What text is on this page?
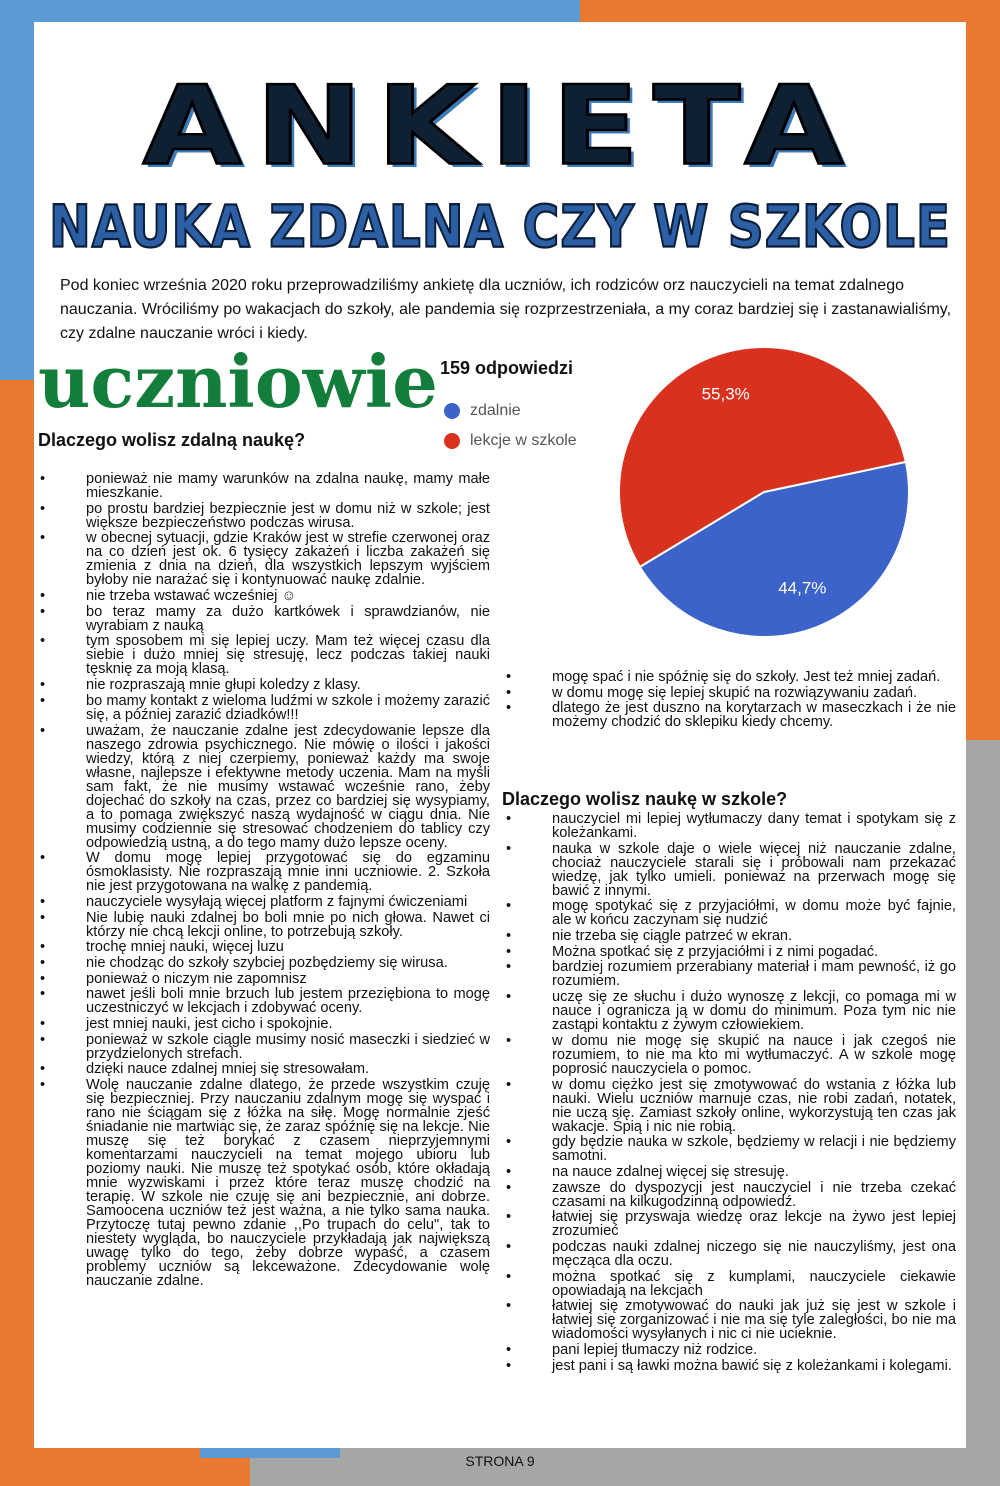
ANKIETA
NAUKA ZDALNA CZY W SZKOLE
Pod koniec września 2020 roku przeprowadziliśmy ankietę dla uczniów, ich rodziców orz nauczycieli na temat zdalnego nauczania. Wróciliśmy po wakacjach do szkoły, ale pandemia się rozprzestrzeniała, a my coraz bardziej się i zastanawialiśmy, czy zdalne nauczanie wróci i kiedy.
uczniowie 159 odpowiedzi
zdalnie
lekcje w szkole
44,7%
55,3%
Dlaczego wolisz zdalną naukę?
• ponieważ nie mamy warunków na zdalna naukę, mamy małe mieszkanie.
• po prostu bardziej bezpiecznie jest w domu niż w szkole; jest większe bezpieczeństwo podczas wirusa.
• w obecnej sytuacji, gdzie Kraków jest w strefie czerwonej oraz na co dzień jest ok. 6 tysięcy zakażeń i liczba zakażeń się zmienia z dnia na dzień, dla wszystkich lepszym wyjściem byłoby nie narażać się i kontynuować naukę zdalnie.
• nie trzeba wstawać wcześniej ☺
• bo teraz mamy za dużo kartkówek i sprawdzianów, nie wyrabiam z nauką
• tym sposobem mi się lepiej uczy. Mam też więcej czasu dla siebie i dużo mniej się stresuję, lecz podczas takiej nauki tęsknię za moją klasą.
• nie rozpraszają mnie głupi koledzy z klasy.
• bo mamy kontakt z wieloma ludźmi w szkole i możemy zarazić się, a później zarazić dziadków!!!
• uważam, że nauczanie zdalne jest zdecydowanie lepsze dla naszego zdrowia psychicznego. Nie mówię o ilości i jakości wiedzy, którą z niej czerpiemy, ponieważ każdy ma swoje własne, najlepsze i efektywne metody uczenia. Mam na myśli sam fakt, że nie musimy wstawać wcześnie rano, żeby dojechać do szkoły na czas, przez co bardziej się wysypiamy, a to pomaga zwiększyć naszą wydajność w ciągu dnia. Nie musimy codziennie się stresować chodzeniem do tablicy czy odpowiedzią ustną, a do tego mamy dużo lepsze oceny.
• W domu mogę lepiej przygotować się do egzaminu ósmoklasisty. Nie rozpraszają mnie inni uczniowie. 2. Szkoła nie jest przygotowana na walkę z pandemią.
• nauczyciele wysyłają więcej platform z fajnymi ćwiczeniami
• Nie lubię nauki zdalnej bo boli mnie po nich głowa. Nawet ci którzy nie chcą lekcji online, to potrzebują szkoły.
• trochę mniej nauki, więcej luzu
• nie chodząc do szkoły szybciej pozbędziemy się wirusa.
• ponieważ o niczym nie zapomnisz
• nawet jeśli boli mnie brzuch lub jestem przeziębiona to mogę uczestniczyć w lekcjach i zdobywać oceny.
• jest mniej nauki, jest cicho i spokojnie.
• ponieważ w szkole ciągle musimy nosić maseczki i siedzieć w przydzielonych strefach.
• dzięki nauce zdalnej mniej się stresowałam.
• Wolę nauczanie zdalne dlatego, że przede wszystkim czuję się bezpieczniej. Przy nauczaniu zdalnym mogę się wyspać i rano nie ściągam się z łóżka na siłę. Mogę normalnie zjeść śniadanie nie martwiąc się, że zaraz spóźnię się na lekcje. Nie muszę się też borykać z czasem nieprzyjemnymi komentarzami nauczycieli na temat mojego ubioru lub poziomy nauki. Nie muszę też spotykać osób, które okładają mnie wyzwiskami i przez które teraz muszę chodzić na terapię. W szkole nie czuję się ani bezpiecznie, ani dobrze. Samoocena uczniów też jest ważna, a nie tylko sama nauka. Przytoczę tutaj pewno zdanie ,,Po trupach do celu", tak to niestety wygląda, bo nauczyciele przykładają jak największą uwagę tylko do tego, żeby dobrze wypaść, a czasem problemy uczniów są lekceważone. Zdecydowanie wolę nauczanie zdalne.
• mogę spać i nie spóźnię się do szkoły. Jest też mniej zadań.
• w domu mogę się lepiej skupić na rozwiązywaniu zadań.
• dlatego że jest duszno na korytarzach w maseczkach i że nie możemy chodzić do sklepiku kiedy chcemy.
Dlaczego wolisz naukę w szkole?
• nauczyciel mi lepiej wytłumaczy dany temat i spotykam się z koleżankami.
• nauka w szkole daje o wiele więcej niż nauczanie zdalne, chociaż nauczyciele starali się i próbowali nam przekazać wiedzę, jak tylko umieli. ponieważ na przerwach mogę się bawić z innymi.
• mogę spotykać się z przyjaciółmi, w domu może być fajnie, ale w końcu zaczynam się nudzić
• nie trzeba się ciągle patrzeć w ekran.
• Można spotkać się z przyjaciółmi i z nimi pogadać.
• bardziej rozumiem przerabiany materiał i mam pewność, iż go rozumiem.
• uczę się ze słuchu i dużo wynoszę z lekcji, co pomaga mi w nauce i ogranicza ją w domu do minimum. Poza tym nic nie zastąpi kontaktu z żywym człowiekiem.
• w domu nie mogę się skupić na nauce i jak czegoś nie rozumiem, to nie ma kto mi wytłumaczyć. A w szkole mogę poprosić nauczyciela o pomoc.
• w domu ciężko jest się zmotywować do wstania z łóżka lub nauki. Wielu uczniów marnuje czas, nie robi zadań, notatek, nie uczą się. Zamiast szkoły online, wykorzystują ten czas jak wakacje. Śpią i nic nie robią.
• gdy będzie nauka w szkole, będziemy w relacji i nie będziemy samotni.
• na nauce zdalnej więcej się stresuję.
• zawsze do dyspozycji jest nauczyciel i nie trzeba czekać czasami na kilkugodzinną odpowiedź.
• łatwiej się przyswaja wiedzę oraz lekcje na żywo jest lepiej zrozumieć
• podczas nauki zdalnej niczego się nie nauczyliśmy, jest ona męcząca dla oczu.
• można spotkać się z kumplami, nauczyciele ciekawie opowiadają na lekcjach
• łatwiej się zmotywować do nauki jak już się jest w szkole i łatwiej się zorganizować i nie ma się tyle zaległości, bo nie ma wiadomości wysyłanych i nic ci nie ucieknie.
• pani lepiej tłumaczy niż rodzice.
• jest pani i są ławki można bawić się z koleżankami i kolegami.
STRONA 9
